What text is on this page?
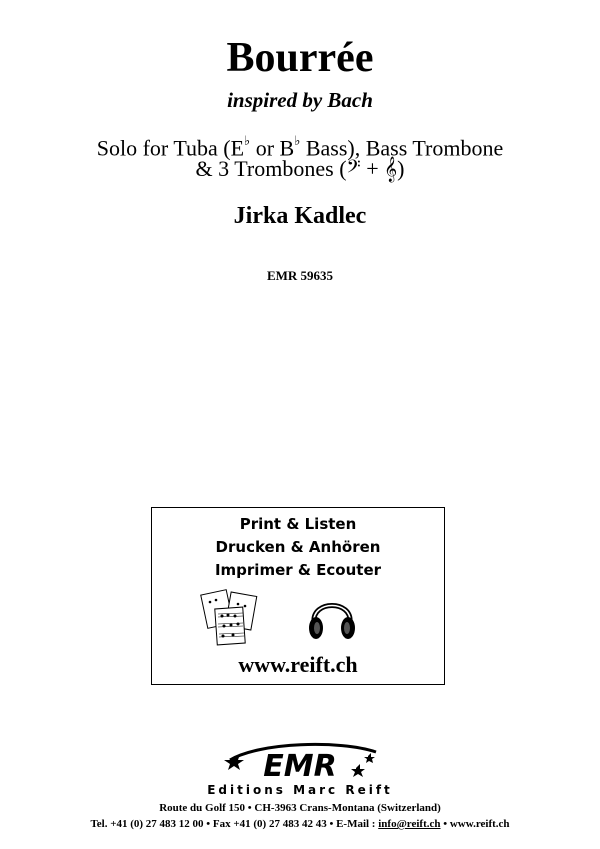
Bourrée
inspired by Bach
Solo for Tuba (E♭ or B♭ Bass), Bass Trombone
& 3 Trombones (𝄢 + 𝄞)
Jirka Kadlec
EMR 59635
Print & Listen
Drucken & Anhören
Imprimer & Ecouter
www.reift.ch
EMR
Editions Marc Reift
Route du Golf 150 • CH-3963 Crans-Montana (Switzerland)
Tel. +41 (0) 27 483 12 00 • Fax +41 (0) 27 483 42 43 • E-Mail : info@reift.ch • www.reift.ch
